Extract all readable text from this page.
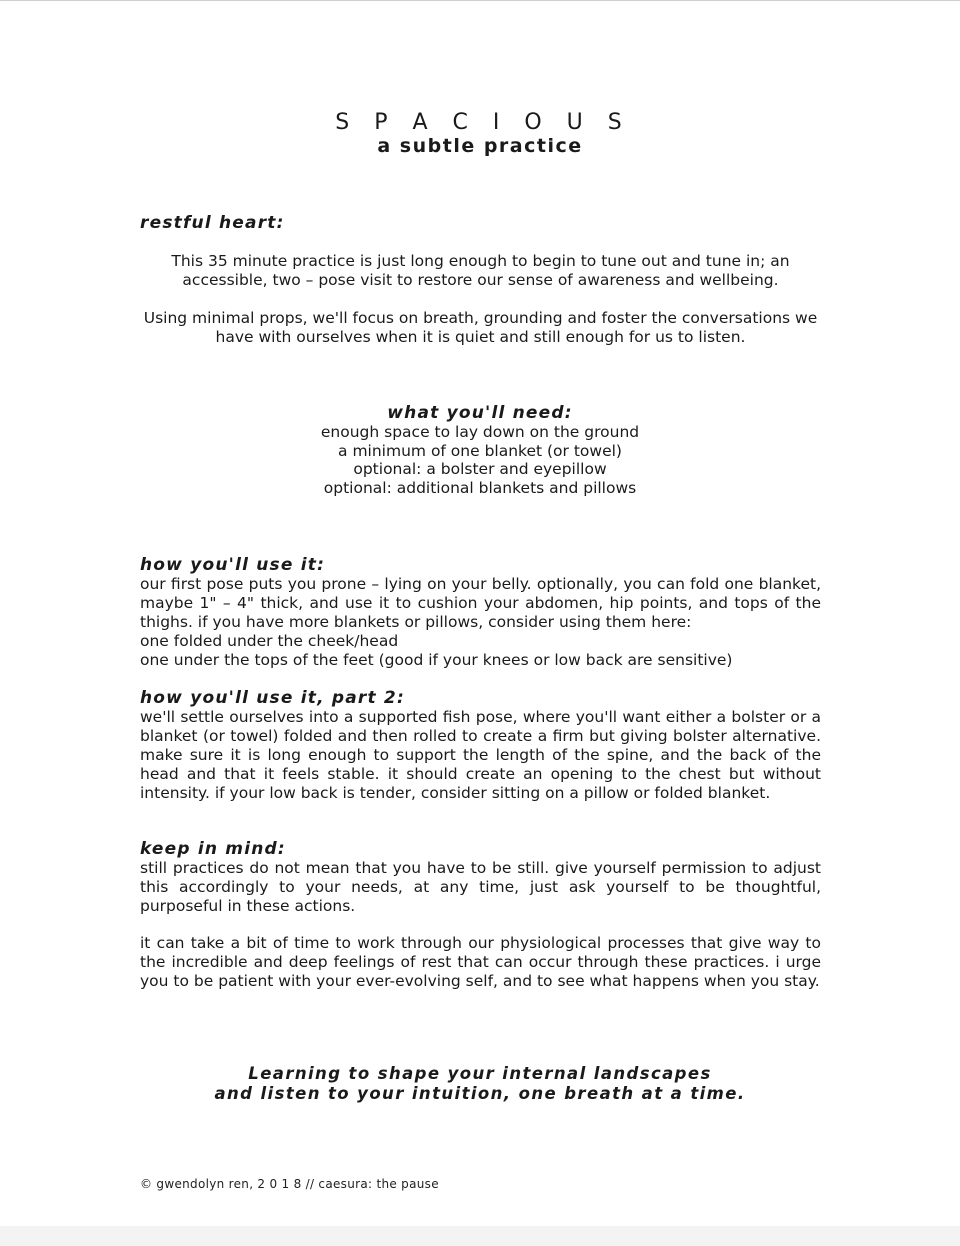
S P A C I O U S
a subtle practice
restful heart:
This 35 minute practice is just long enough to begin to tune out and tune in; an accessible, two – pose visit to restore our sense of awareness and wellbeing.
Using minimal props, we'll focus on breath, grounding and foster the conversations we have with ourselves when it is quiet and still enough for us to listen.
what you'll need:
enough space to lay down on the ground
a minimum of one blanket (or towel)
optional: a bolster and eyepillow
optional: additional blankets and pillows
how you'll use it:
our first pose puts you prone – lying on your belly. optionally, you can fold one blanket, maybe 1" – 4" thick, and use it to cushion your abdomen, hip points, and tops of the thighs. if you have more blankets or pillows, consider using them here:
one folded under the cheek/head
one under the tops of the feet (good if your knees or low back are sensitive)
how you'll use it, part 2:
we'll settle ourselves into a supported fish pose, where you'll want either a bolster or a blanket (or towel) folded and then rolled to create a firm but giving bolster alternative. make sure it is long enough to support the length of the spine, and the back of the head and that it feels stable. it should create an opening to the chest but without intensity. if your low back is tender, consider sitting on a pillow or folded blanket.
keep in mind:
still practices do not mean that you have to be still. give yourself permission to adjust this accordingly to your needs, at any time, just ask yourself to be thoughtful, purposeful in these actions.
it can take a bit of time to work through our physiological processes that give way to the incredible and deep feelings of rest that can occur through these practices. i urge you to be patient with your ever-evolving self, and to see what happens when you stay.
Learning to shape your internal landscapes
and listen to your intuition, one breath at a time.
© gwendolyn ren, 2 0 1 8 // caesura: the pause
